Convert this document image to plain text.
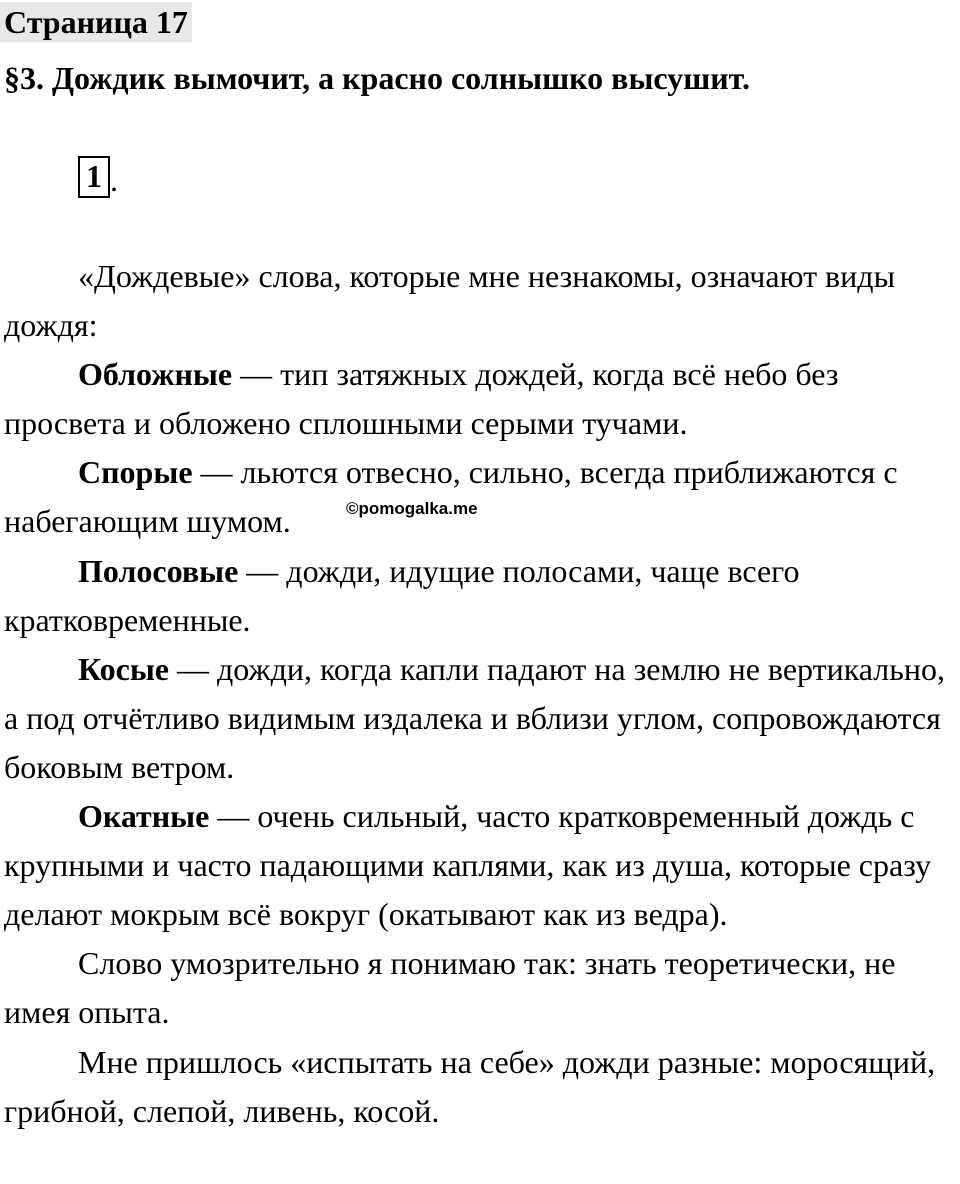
Страница 17
§3. Дождик вымочит, а красно солнышко высушит.
1 .

«Дождевые» слова, которые мне незнакомы, означают виды дождя:

Обложные — тип затяжных дождей, когда всё небо без просвета и обложено сплошными серыми тучами.

Спорые — льются отвесно, сильно, всегда приближаются с набегающим шумом.

Полосовые — дожди, идущие полосами, чаще всего кратковременные.

Косые — дожди, когда капли падают на землю не вертикально, а под отчётливо видимым издалека и вблизи углом, сопровождаются боковым ветром.

Окатные — очень сильный, часто кратковременный дождь с крупными и часто падающими каплями, как из душа, которые сразу делают мокрым всё вокруг (окатывают как из ведра).

Слово умозрительно я понимаю так: знать теоретически, не имея опыта.

Мне пришлось «испытать на себе» дожди разные: моросящий, грибной, слепой, ливень, косой.

©pomogalka.me
